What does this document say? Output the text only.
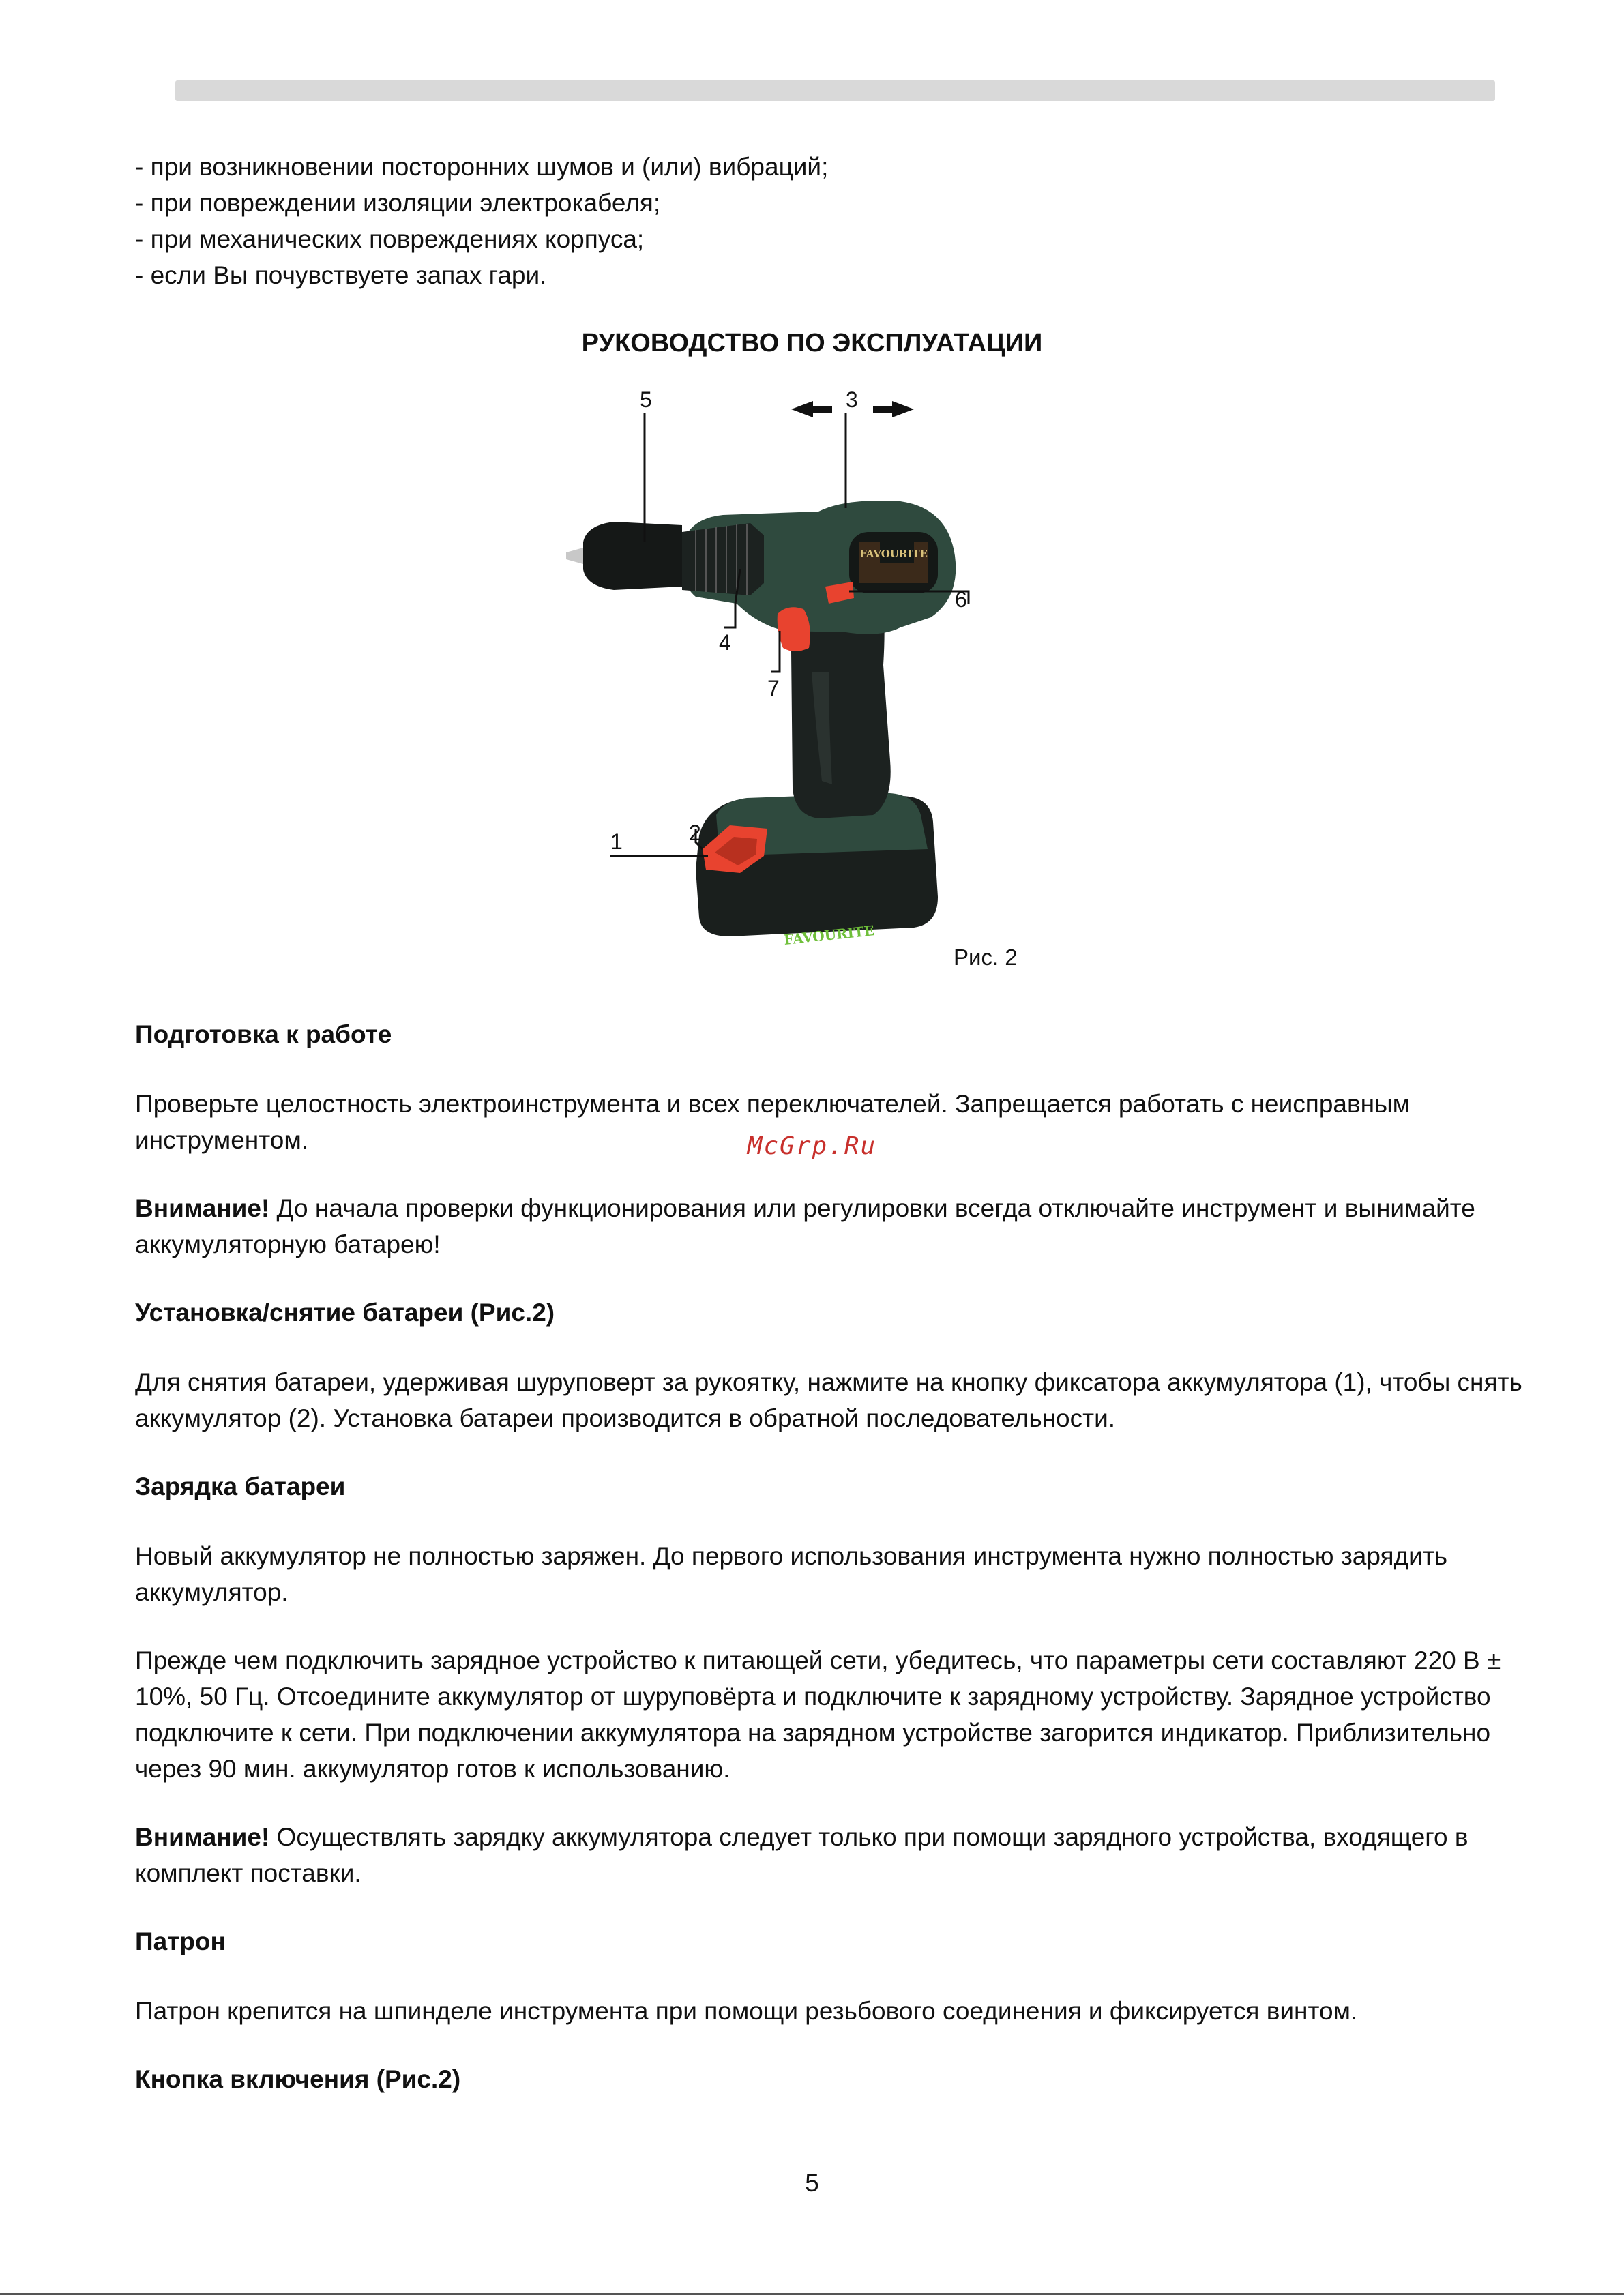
- при возникновении посторонних шумов и (или) вибраций;
- при повреждении изоляции электрокабеля;
- при механических повреждениях корпуса;
- если Вы почувствуете запах гари.
РУКОВОДСТВО ПО ЭКСПЛУАТАЦИИ
FAVOURITE
1	2
3
4
5
6
7
18 v FAVOURITE
Рис. 2
Подготовка к работе
Проверьте целостность электроинструмента и всех переключателей. Запрещается работать с неисправным инструментом.	McGrp.Ru
Внимание! До начала проверки функционирования или регулировки всегда отключайте инструмент и вынимайте аккумуляторную батарею!
Установка/снятие батареи (Рис.2)
Для снятия батареи, удерживая шуруповерт за рукоятку, нажмите на кнопку фиксатора аккумулятора (1), чтобы снять аккумулятор (2). Установка батареи производится в обратной последовательности.
Зарядка батареи
Новый аккумулятор не полностью заряжен. До первого использования инструмента нужно полностью зарядить аккумулятор.
Прежде чем подключить зарядное устройство к питающей сети, убедитесь, что параметры сети составляют 220 В ± 10%, 50 Гц. Отсоедините аккумулятор от шуруповёрта и подключите к зарядному устройству. Зарядное устройство подключите к сети. При подключении аккумулятора на зарядном устройстве загорится индикатор. Приблизительно через 90 мин. аккумулятор готов к использованию.
Внимание! Осуществлять зарядку аккумулятора следует только при помощи зарядного устройства, входящего в комплект поставки.
Патрон
Патрон крепится на шпинделе инструмента при помощи резьбового соединения и фиксируется винтом.
Кнопка включения (Рис.2)
5
